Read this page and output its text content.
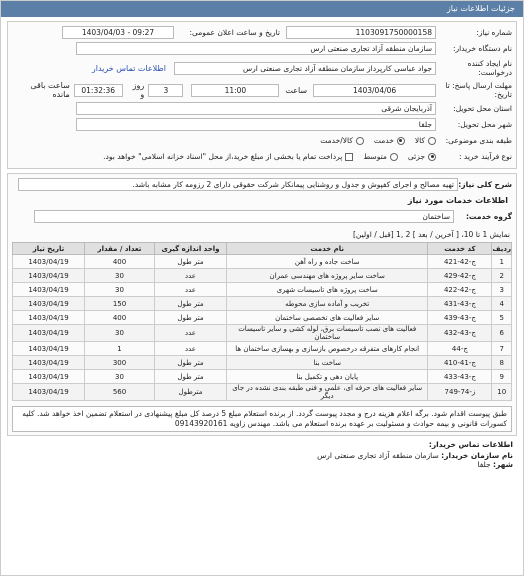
جزئیات اطلاعات نیاز
شماره نیاز:
1103091750000158
تاریخ و ساعت اعلان عمومی:
1403/04/03 - 09:27
نام دستگاه خریدار:
سازمان منطقه آزاد تجاری صنعتی ارس
نام ایجاد کننده درخواست:
جواد عباسی کارپرداز سازمان منطقه آزاد تجاری صنعتی ارس
اطلاعات تماس خریدار
مهلت ارسال پاسخ: تا تاریخ:
1403/04/06
ساعت
11:00
3
روز و
01:32:36
ساعت باقی مانده
استان محل تحویل:
آذربایجان شرقی
شهر محل تحویل:
جلفا
طبقه بندی موضوعی:
کالا
خدمت
کالا/خدمت
نوع فرآیند خرید :
جزئی
متوسط
پرداخت تمام یا بخشی از مبلغ خرید،از محل "اسناد خزانه اسلامی" خواهد بود.
شرح کلی نیاز:
تهیه مصالح و اجرای کفپوش و جدول و روشنایی پیمانکار شرکت حقوقی دارای 2 رزومه کار مشابه باشد.
اطلاعات خدمات مورد نیاز
گروه خدمت:
ساختمان
نمایش 1 تا 10، [ آخرین / بعد ] 2 ,1 [قبل / اولین]
ردیف	کد خدمت	نام خدمت	واحد اندازه گیری	تعداد / مقدار	تاریخ نیاز
1	ج-42-421	ساخت جاده و راه آهن	متر طول	400	1403/04/19
2	ج-42-429	ساخت سایر پروژه های مهندسی عمران	عدد	30	1403/04/19
3	ج-42-422	ساخت پروژه های تاسیسات شهری	عدد	30	1403/04/19
4	ج-43-431	تخریب و آماده سازی محوطه	متر طول	150	1403/04/19
5	ج-43-439	سایر فعالیت های تخصصی ساختمان	متر طول	400	1403/04/19
6	ج-43-432	فعالیت های نصب تاسیسات برق، لوله کشی و سایر تاسیسات ساختمان	عدد	30	1403/04/19
7	ج-44	انجام کارهای متفرقه درخصوص بازسازی و بهسازی ساختمان ها	عدد	1	1403/04/19
8	ج-41-410	ساخت بنا	متر طول	300	1403/04/19
9	ج-43-433	پایان دهی و تکمیل بنا	متر طول	30	1403/04/19
10	ز-74-749	سایر فعالیت های حرفه ای، علمی و فنی طبقه بندی نشده در جای دیگر	مترطول	560	1403/04/19
طبق پیوست اقدام شود. برگه اعلام هزینه درج و مجدد پیوست گردد. از برنده استعلام مبلغ 5 درصد کل مبلغ پیشنهادی در استعلام تضمین اخذ خواهد شد. کلیه کسورات قانونی و بیمه حوادث و مسئولیت بر عهده برنده استعلام می باشد. مهندس زاویه 09143920161
اطلاعات تماس خریدار:
نام سازمان خریدار: سازمان منطقه آزاد تجاری صنعتی ارس
شهر: جلفا
